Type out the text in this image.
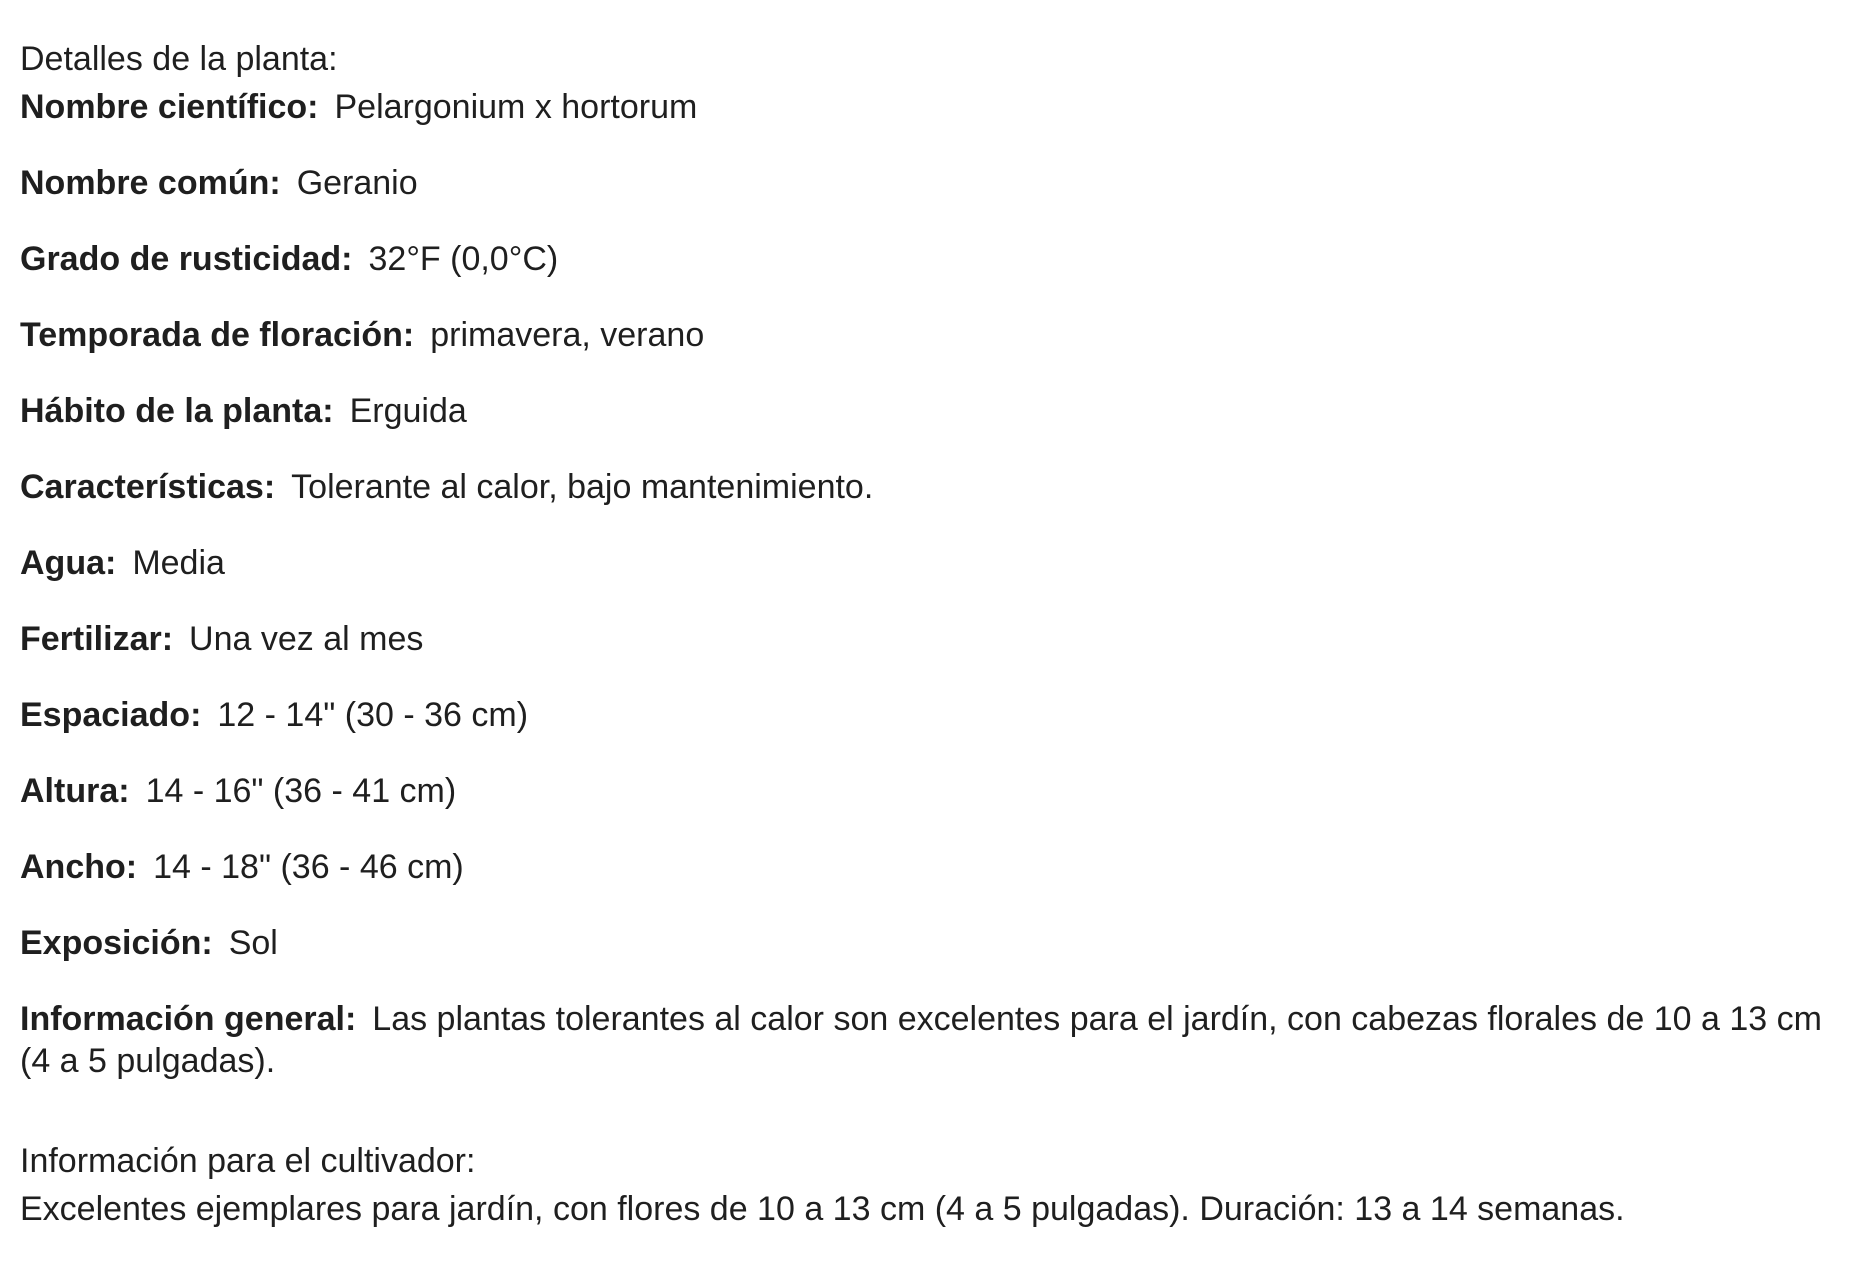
Detalles de la planta:
Nombre científico: Pelargonium x hortorum
Nombre común: Geranio
Grado de rusticidad: 32°F (0,0°C)
Temporada de floración: primavera, verano
Hábito de la planta: Erguida
Características: Tolerante al calor, bajo mantenimiento.
Agua: Media
Fertilizar: Una vez al mes
Espaciado: 12 - 14" (30 - 36 cm)
Altura: 14 - 16" (36 - 41 cm)
Ancho: 14 - 18" (36 - 46 cm)
Exposición: Sol
Información general: Las plantas tolerantes al calor son excelentes para el jardín, con cabezas florales de 10 a 13 cm (4 a 5 pulgadas).
Información para el cultivador:
Excelentes ejemplares para jardín, con flores de 10 a 13 cm (4 a 5 pulgadas). Duración: 13 a 14 semanas.
